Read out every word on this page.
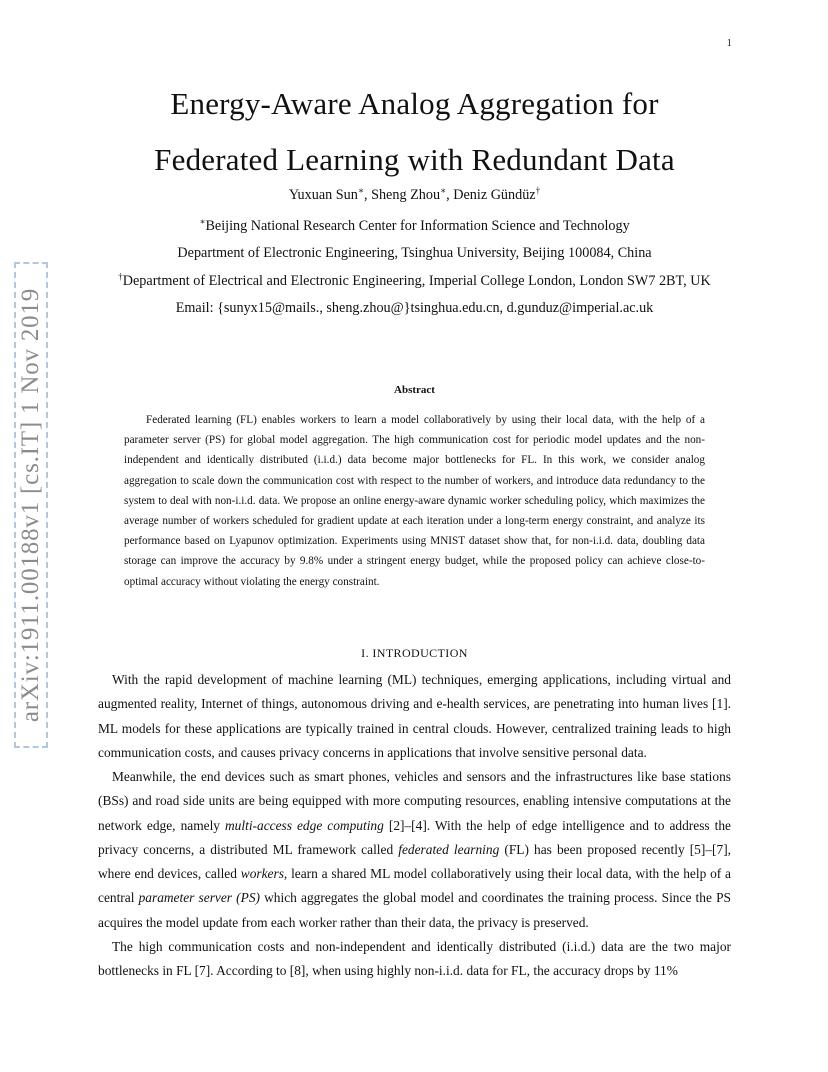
1
arXiv:1911.00188v1 [cs.IT] 1 Nov 2019
Energy-Aware Analog Aggregation for
Federated Learning with Redundant Data
Yuxuan Sun∗, Sheng Zhou∗, Deniz Gündüz†
∗Beijing National Research Center for Information Science and Technology
Department of Electronic Engineering, Tsinghua University, Beijing 100084, China
†Department of Electrical and Electronic Engineering, Imperial College London, London SW7 2BT, UK
Email: {sunyx15@mails., sheng.zhou@}tsinghua.edu.cn, d.gunduz@imperial.ac.uk
Abstract

Federated learning (FL) enables workers to learn a model collaboratively by using their local data, with the help of a parameter server (PS) for global model aggregation. The high communication cost for periodic model updates and the non-independent and identically distributed (i.i.d.) data become major bottlenecks for FL. In this work, we consider analog aggregation to scale down the communication cost with respect to the number of workers, and introduce data redundancy to the system to deal with non-i.i.d. data. We propose an online energy-aware dynamic worker scheduling policy, which maximizes the average number of workers scheduled for gradient update at each iteration under a long-term energy constraint, and analyze its performance based on Lyapunov optimization. Experiments using MNIST dataset show that, for non-i.i.d. data, doubling data storage can improve the accuracy by 9.8% under a stringent energy budget, while the proposed policy can achieve close-to-optimal accuracy without violating the energy constraint.

I. INTRODUCTION

With the rapid development of machine learning (ML) techniques, emerging applications, including virtual and augmented reality, Internet of things, autonomous driving and e-health services, are penetrating into human lives [1]. ML models for these applications are typically trained in central clouds. However, centralized training leads to high communication costs, and causes privacy concerns in applications that involve sensitive personal data.

Meanwhile, the end devices such as smart phones, vehicles and sensors and the infrastructures like base stations (BSs) and road side units are being equipped with more computing resources, enabling intensive computations at the network edge, namely multi-access edge computing [2]–[4]. With the help of edge intelligence and to address the privacy concerns, a distributed ML framework called federated learning (FL) has been proposed recently [5]–[7], where end devices, called workers, learn a shared ML model collaboratively using their local data, with the help of a central parameter server (PS) which aggregates the global model and coordinates the training process. Since the PS acquires the model update from each worker rather than their data, the privacy is preserved.

The high communication costs and non-independent and identically distributed (i.i.d.) data are the two major bottlenecks in FL [7]. According to [8], when using highly non-i.i.d. data for FL, the accuracy drops by 11%
